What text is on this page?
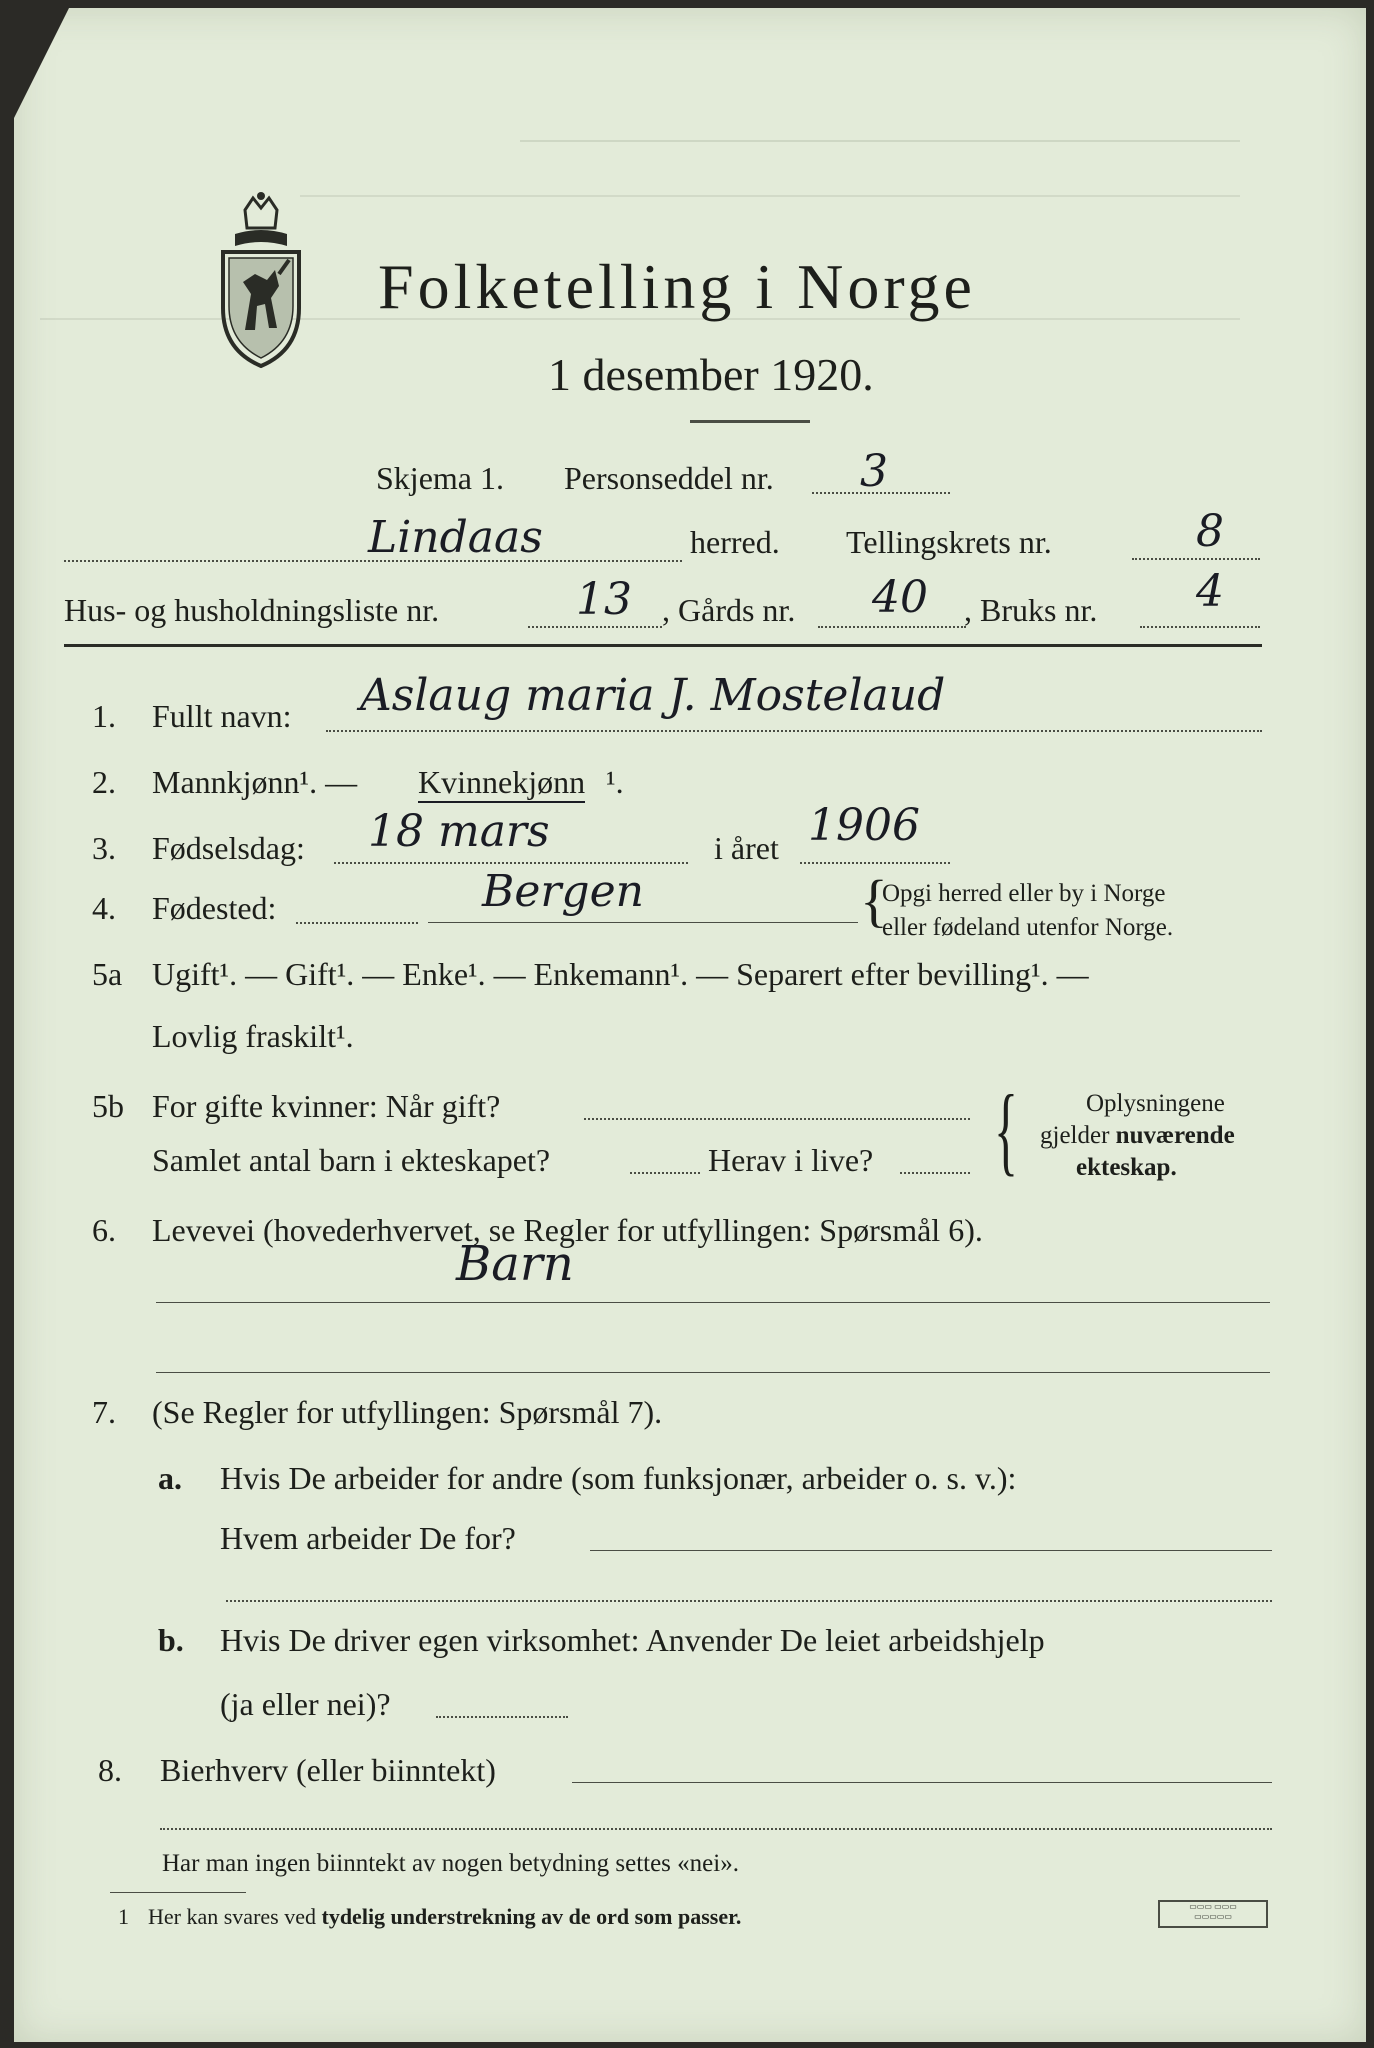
Folketelling i Norge
1 desember 1920.
Skjema 1. Personseddel nr. 3
Lindaas	herred. Tellingskrets nr.	8
Hus- og husholdningsliste nr.	13 , Gårds nr. 40 , Bruks nr. 4
1. Fullt navn: Aslaug maria J. Mostelaud
2. Mannkjønn¹. — Kvinnekjønn ¹.
3. Fødselsdag: 18 mars	i året 1906
4. Fødested:	Bergen	{
Opgi herred eller by i Norge
eller fødeland utenfor Norge.
5a Ugift¹. — Gift¹. — Enke¹. — Enkemann¹. — Separert efter bevilling¹. —
Lovlig fraskilt¹.
5b For gifte kvinner: Når gift?
Samlet antal barn i ekteskapet?	Herav i live? {	Oplysningene
gjelder nuværende
ekteskap.
6. Levevei (hovederhvervet, se Regler for utfyllingen: Spørsmål 6).
Barn
7. (Se Regler for utfyllingen: Spørsmål 7).
a. Hvis De arbeider for andre (som funksjonær, arbeider o. s. v.):
Hvem arbeider De for?
b. Hvis De driver egen virksomhet: Anvender De leiet arbeidshjelp
(ja eller nei)?
8. Bierhverv (eller biinntekt)
Har man ingen biinntekt av nogen betydning settes «nei».
1 Her kan svares ved tydelig understrekning av de ord som passer.	▭▭▭ ▭▭▭
▭▭▭▭▭
